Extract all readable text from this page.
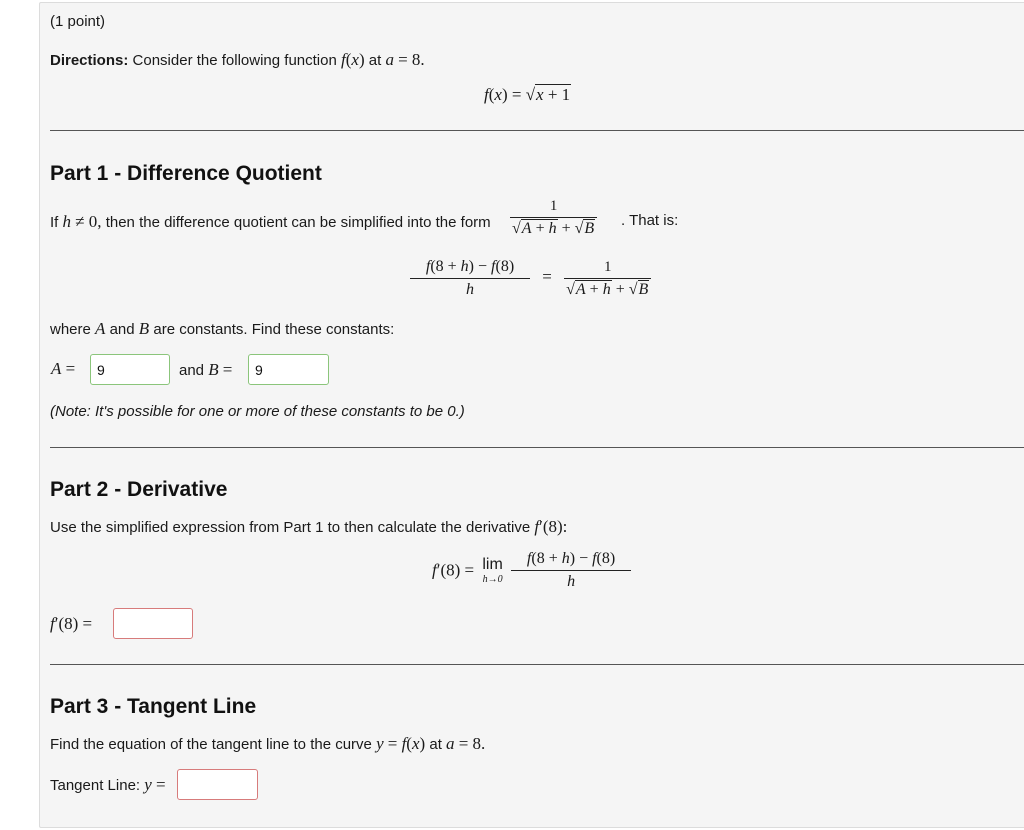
(1 point)
Directions: Consider the following function f(x) at a = 8.
f(x) = √x + 1
Part 1 - Difference Quotient
If h ≠ 0, then the difference quotient can be simplified into the form $\frac{1}{√A + h + √B}$ . That is:
$\frac{f(8 + h) - f(8)}{h} = \frac{1}{√A + h + √B}$
where A and B are constants. Find these constants:
A =
9	and B =
9
(Note: It's possible for one or more of these constants to be 0.)
Part 2 - Derivative
Use the simplified expression from Part 1 to then calculate the derivative f′(8):
f′(8) = lim
h→0
$\frac{f(8 + h) - f(8)}{h}$
f′(8) =
Part 3 - Tangent Line
Find the equation of the tangent line to the curve y = f(x) at a = 8.
Tangent Line: y =
